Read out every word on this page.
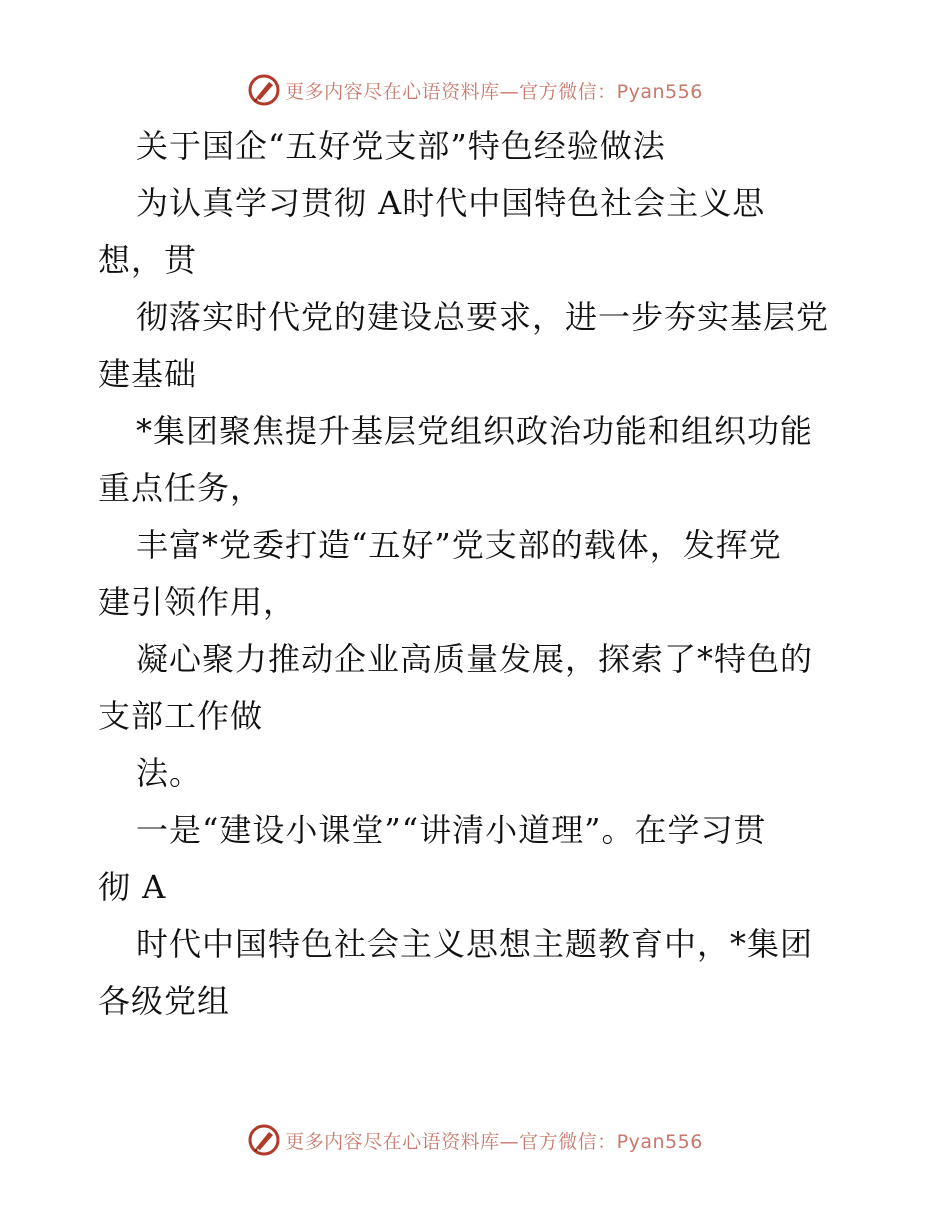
更多内容尽在心语资料库—官方微信：Pyan556
关于国企“五好党支部”特色经验做法
为认真学习贯彻 A时代中国特色社会主义思
想，贯
彻落实时代党的建设总要求，进一步夯实基层党
建基础
*集团聚焦提升基层党组织政治功能和组织功能
重点任务，
丰富*党委打造“五好”党支部的载体，发挥党
建引领作用，
凝心聚力推动企业高质量发展，探索了*特色的
支部工作做
法。
一是“建设小课堂”“讲清小道理”。在学习贯
彻 A
时代中国特色社会主义思想主题教育中，*集团
各级党组
更多内容尽在心语资料库—官方微信：Pyan556
